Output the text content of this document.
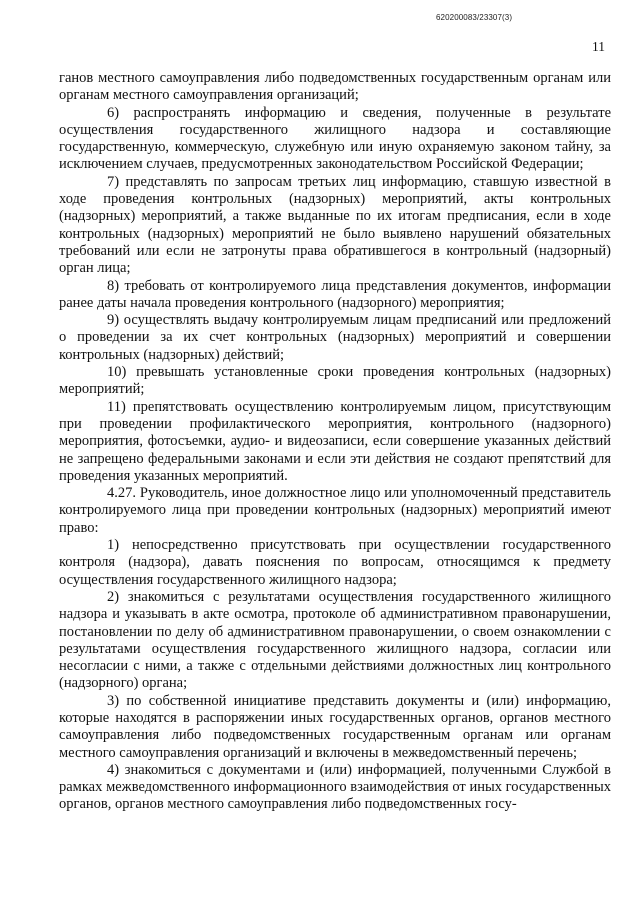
620200083/23307(3)
11

ганов местного самоуправления либо подведомственных государственным органам или органам местного самоуправления организаций;

6) распространять информацию и сведения, полученные в результате осуществления государственного жилищного надзора и составляющие государственную, коммерческую, служебную или иную охраняемую законом тайну, за исключением случаев, предусмотренных законодательством Российской Федерации;

7) представлять по запросам третьих лиц информацию, ставшую известной в ходе проведения контрольных (надзорных) мероприятий, акты контрольных (надзорных) мероприятий, а также выданные по их итогам предписания, если в ходе контрольных (надзорных) мероприятий не было выявлено нарушений обязательных требований или если не затронуты права обратившегося в контрольный (надзорный) орган лица;

8) требовать от контролируемого лица представления документов, информации ранее даты начала проведения контрольного (надзорного) мероприятия;

9) осуществлять выдачу контролируемым лицам предписаний или предложений о проведении за их счет контрольных (надзорных) мероприятий и совершении контрольных (надзорных) действий;

10) превышать установленные сроки проведения контрольных (надзорных) мероприятий;

11) препятствовать осуществлению контролируемым лицом, присутствующим при проведении профилактического мероприятия, контрольного (надзорного) мероприятия, фотосъемки, аудио- и видеозаписи, если совершение указанных действий не запрещено федеральными законами и если эти действия не создают препятствий для проведения указанных мероприятий.

4.27. Руководитель, иное должностное лицо или уполномоченный представитель контролируемого лица при проведении контрольных (надзорных) мероприятий имеют право:

1) непосредственно присутствовать при осуществлении государственного контроля (надзора), давать пояснения по вопросам, относящимся к предмету осуществления государственного жилищного надзора;

2) знакомиться с результатами осуществления государственного жилищного надзора и указывать в акте осмотра, протоколе об административном правонарушении, постановлении по делу об административном правонарушении, о своем ознакомлении с результатами осуществления государственного жилищного надзора, согласии или несогласии с ними, а также с отдельными действиями должностных лиц контрольного (надзорного) органа;

3) по собственной инициативе представить документы и (или) информацию, которые находятся в распоряжении иных государственных органов, органов местного самоуправления либо подведомственных государственным органам или органам местного самоуправления организаций и включены в межведомственный перечень;

4) знакомиться с документами и (или) информацией, полученными Службой в рамках межведомственного информационного взаимодействия от иных государственных органов, органов местного самоуправления либо подведомственных госу-
